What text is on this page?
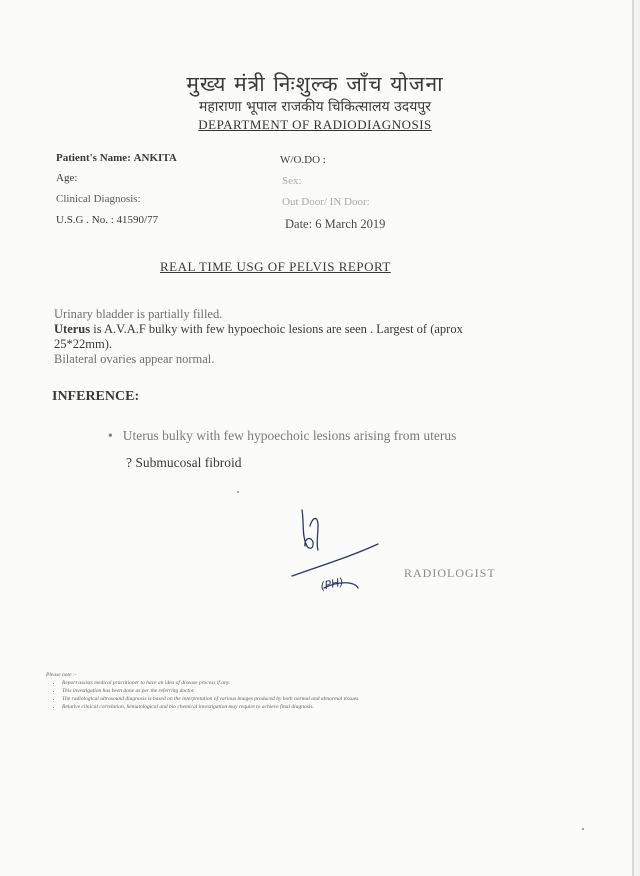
मुख्य मंत्री निःशुल्क जाँच योजना
महाराणा भूपाल राजकीय चिकित्सालय उदयपुर
DEPARTMENT OF RADIODIAGNOSIS
Patient's Name: ANKITA	W/O.DO :
Age:	Sex:
Clinical Diagnosis:	Out Door/ IN Door:
U.S.G . No. : 41590/77	Date: 6 March 2019
REAL TIME USG OF PELVIS REPORT
Urinary bladder is partially filled.
Uterus is A.V.A.F bulky with few hypoechoic lesions are seen . Largest of (aprox
25*22mm).
Bilateral ovaries appear normal.
INFERENCE:
• Uterus bulky with few hypoechoic lesions arising from uterus
? Submucosal fibroid
(PH)
RADIOLOGIST
Please note :-
• Report assists medical practitioner to have an idea of disease process if any.
• This investigation has been done as per the referring doctor.
• The radiological ultrasound diagnosis is based on the interpretation of various images produced by both normal and abnormal tissues.
• Relative clinical correlation, hematological and bio chemical investigation may require to achieve final diagnosis.
